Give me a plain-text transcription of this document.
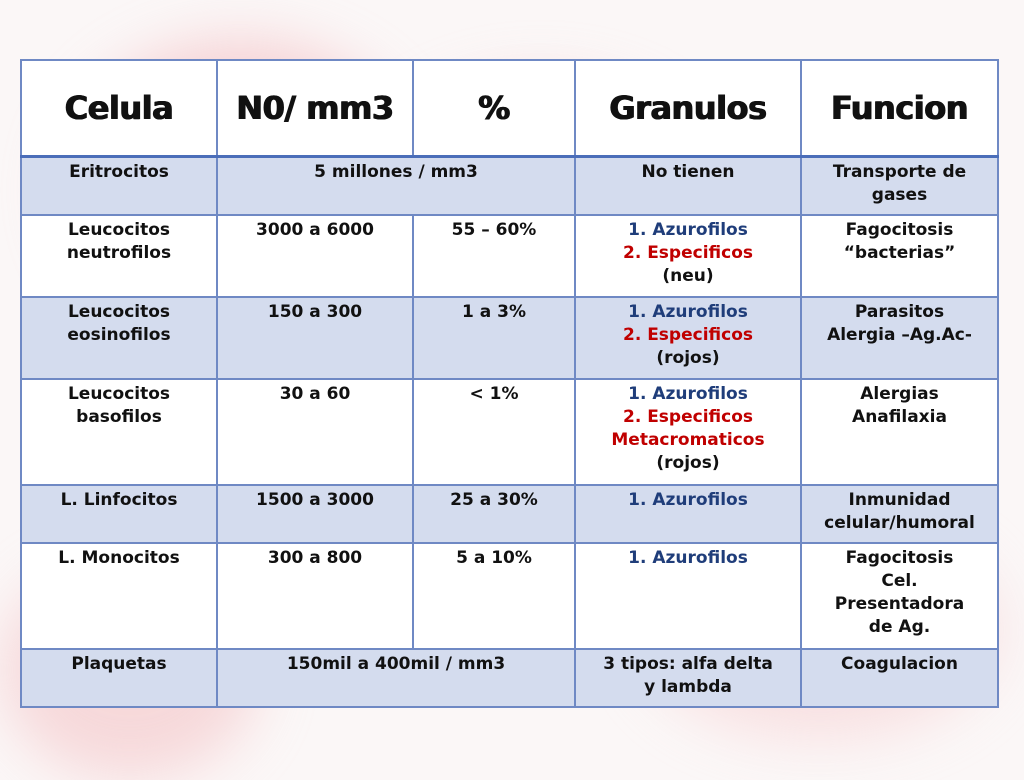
Celula	N0/ mm3	%	Granulos	Funcion

Eritrocitos	5 millones / mm3		No tienen	Transporte de
gases

Leucocitos
neutrofilos	3000 a 6000	55 – 60%	1. Azurofilos
2. Especificos
(neu)	Fagocitosis
“bacterias”

Leucocitos
eosinofilos	150 a 300	1 a 3%	1. Azurofilos
2. Especificos
(rojos)	Parasitos
Alergia –Ag.Ac-

Leucocitos
basofilos	30 a 60	< 1%	1. Azurofilos
2. Especificos
Metacromaticos
(rojos)	Alergias
Anafilaxia

L. Linfocitos	1500 a 3000	25 a 30%	1. Azurofilos	Inmunidad
celular/humoral

L. Monocitos	300 a 800	5 a 10%	1. Azurofilos	Fagocitosis
Cel.
Presentadora
de Ag.

Plaquetas	150mil a 400mil / mm3		3 tipos: alfa delta
y lambda	Coagulacion
